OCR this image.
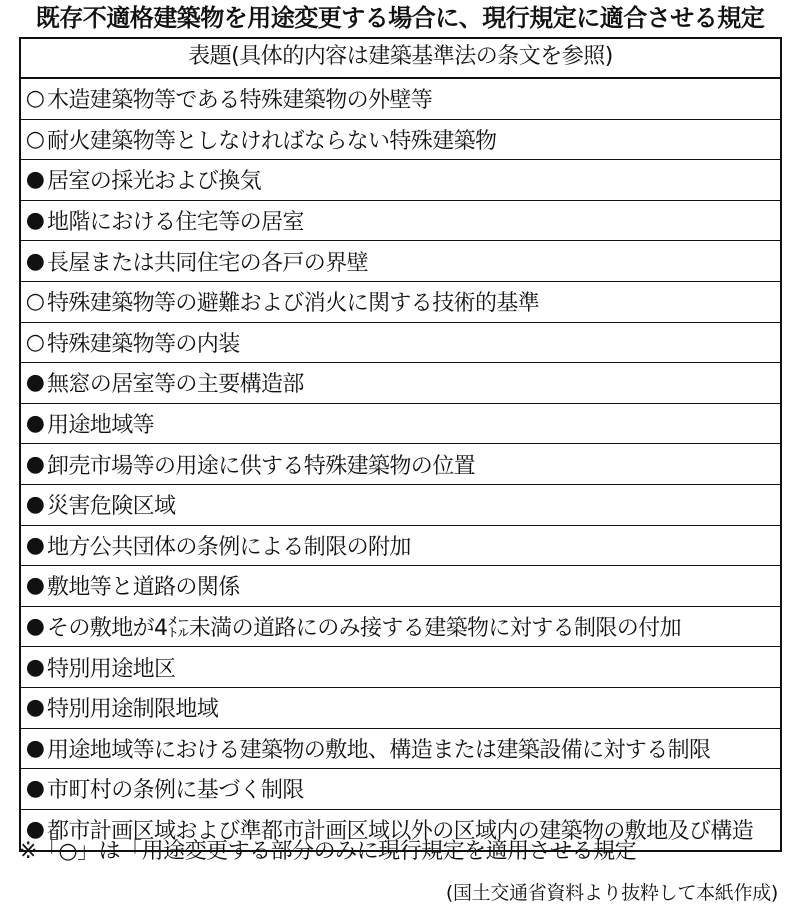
既存不適格建築物を用途変更する場合に、現行規定に適合させる規定
表題(具体的内容は建築基準法の条文を参照)
○ 木造建築物等である特殊建築物の外壁等
○ 耐火建築物等としなければならない特殊建築物
● 居室の採光および換気
● 地階における住宅等の居室
● 長屋または共同住宅の各戸の界壁
○ 特殊建築物等の避難および消火に関する技術的基準
○ 特殊建築物等の内装
● 無窓の居室等の主要構造部
● 用途地域等
● 卸売市場等の用途に供する特殊建築物の位置
● 災害危険区域
● 地方公共団体の条例による制限の附加
● 敷地等と道路の関係
● その敷地が4㍍未満の道路にのみ接する建築物に対する制限の付加
● 特別用途地区
● 特別用途制限地域
● 用途地域等における建築物の敷地、構造または建築設備に対する制限
● 市町村の条例に基づく制限
● 都市計画区域および準都市計画区域以外の区域内の建築物の敷地及び構造
※「○」は「用途変更する部分のみに現行規定を適用させる規定
(国土交通省資料より抜粋して本紙作成)
